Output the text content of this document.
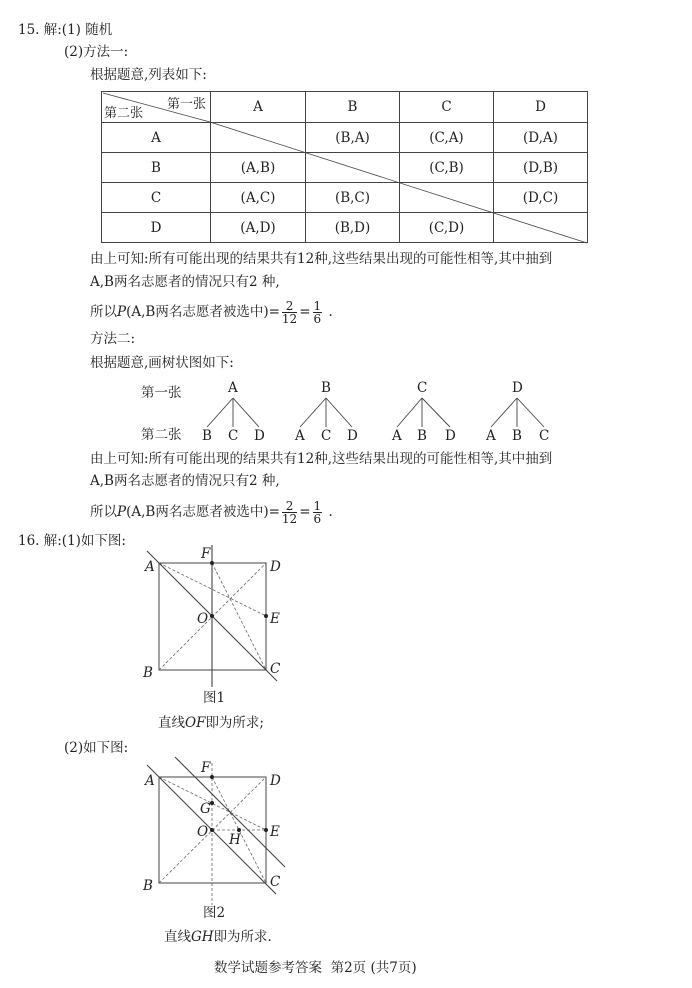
15. 解:(1) 随机
(2)方法一:
根据题意,列表如下:
第一张
第二张	A	B	C	D
A		(B,A)	(C,A)	(D,A)
B	(A,B)		(C,B)	(D,B)
C	(A,C)	(B,C)		(D,C)
D	(A,D)	(B,D)	(C,D)	
由上可知:所有可能出现的结果共有12种,这些结果出现的可能性相等,其中抽到
A,B两名志愿者的情况只有2 种,
所以P(A,B两名志愿者被选中)= $\frac{2}{12} = \frac{1}{6}$ .
方法二:
根据题意,画树状图如下:
第一张
第二张
A	B	C	D
B C D A C D	A B D A B C
由上可知:所有可能出现的结果共有12种,这些结果出现的可能性相等,其中抽到
A,B两名志愿者的情况只有2 种,
所以P(A,B两名志愿者被选中)= $\frac{2}{12} = \frac{1}{6}$ .
16. 解:(1)如下图:
A
B	C
D
E
F
O
图1
直线OF即为所求;
(2)如下图:
A
B	C
D
E
F
O
G
H
图2
直线GH即为所求.
数学试题参考答案  第2页 (共7页)
